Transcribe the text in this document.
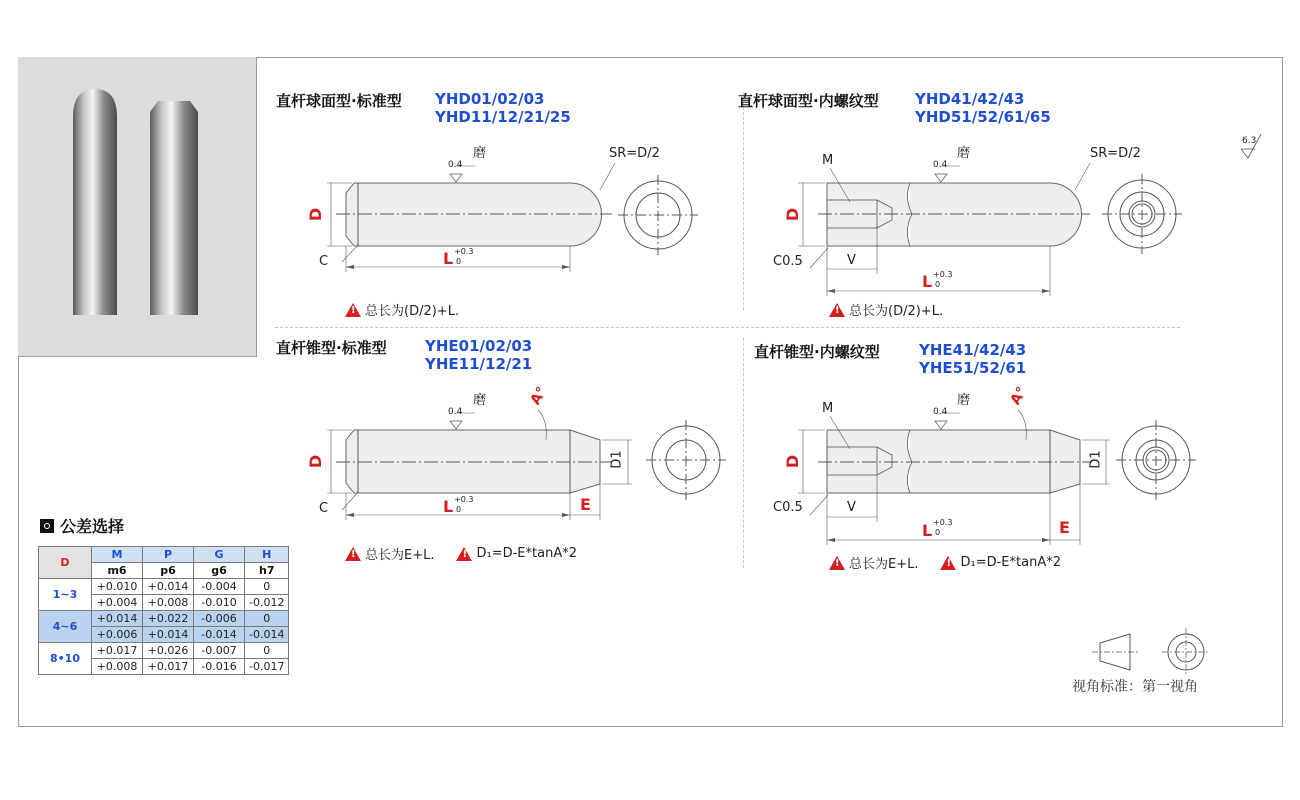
直杆球面型·标准型 YHD01/02/03
YHD11/12/21/25
直杆球面型·内螺纹型 YHD41/42/43
YHD51/52/61/65
直杆锥型·标准型	YHE01/02/03
YHE11/12/21
直杆锥型·内螺纹型	YHE41/42/43
YHE51/52/61
SR=D/2
磨
0.4
D
L +0.3
0
C
!
总长为(D/2)+L.
SR=D/2
磨
0.4
M
D
V
C0.5
L +0.3
0
!
总长为(D/2)+L.
6.3
磨
0.4
A°
D	D1
L +0.3
0	E
C
!
总长为E+L. !	D₁=D-E*tanA*2
磨
0.4
M
A°
D	D1
V
C0.5
L +0.3
0	E
!
总长为E+L. !	D₁=D-E*tanA*2
公差选择
D	M	P	G	H
	m6	p6	g6	h7
1~3	+0.010	+0.014	-0.004	0
	+0.004	+0.008	-0.010	-0.012
4~6	+0.014	+0.022	-0.006	0
	+0.006	+0.014	-0.014	-0.014
8•10	+0.017	+0.026	-0.007	0
	+0.008	+0.017	-0.016	-0.017
视角标准：第一视角
